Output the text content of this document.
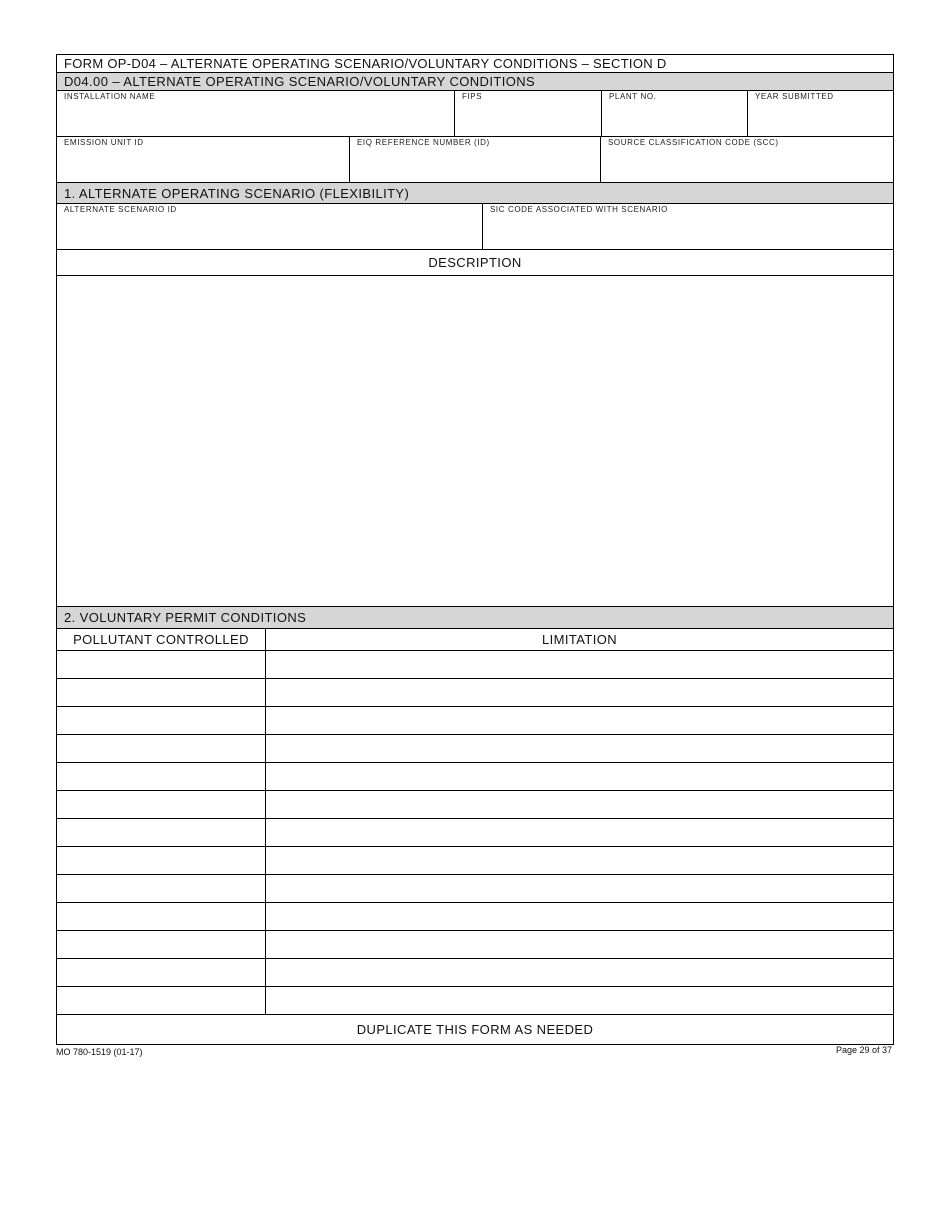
FORM OP-D04 – ALTERNATE OPERATING SCENARIO/VOLUNTARY CONDITIONS – SECTION D
D04.00 – ALTERNATE OPERATING SCENARIO/VOLUNTARY CONDITIONS
INSTALLATION NAME	FIPS	PLANT NO.	YEAR SUBMITTED
EMISSION UNIT ID	EIQ REFERENCE NUMBER (ID)	SOURCE CLASSIFICATION CODE (SCC)
1. ALTERNATE OPERATING SCENARIO (FLEXIBILITY)
ALTERNATE SCENARIO ID	SIC CODE ASSOCIATED WITH SCENARIO
DESCRIPTION
2. VOLUNTARY PERMIT CONDITIONS
POLLUTANT CONTROLLED	LIMITATION
DUPLICATE THIS FORM AS NEEDED
MO 780-1519 (01-17)	Page 29 of 37
